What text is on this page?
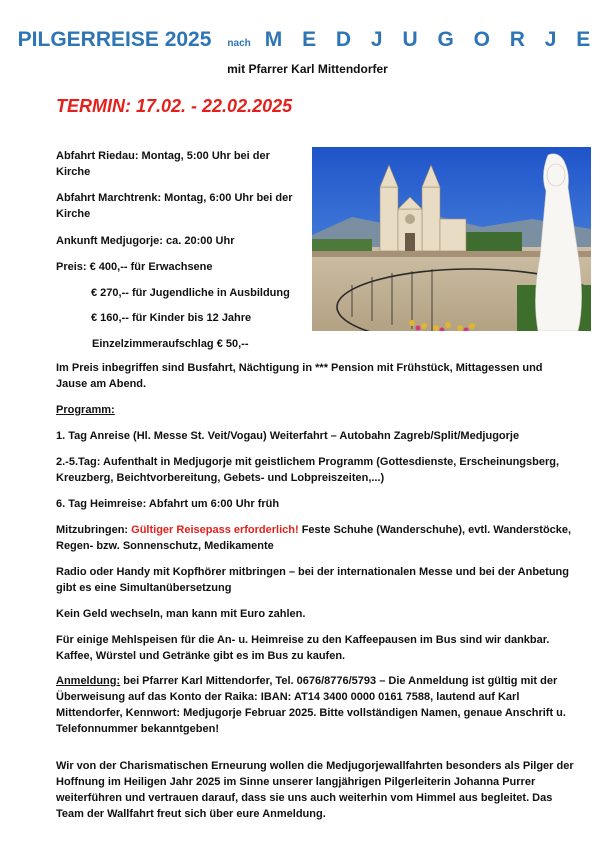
PILGERREISE 2025 nach M E D J U G O R J E
mit Pfarrer Karl Mittendorfer
TERMIN: 17.02. - 22.02.2025
Abfahrt Riedau: Montag, 5:00 Uhr bei der Kirche
Abfahrt Marchtrenk: Montag, 6:00 Uhr bei der Kirche
Ankunft Medjugorje: ca. 20:00 Uhr
Preis: € 400,-- für Erwachsene
€ 270,-- für Jugendliche in Ausbildung
€ 160,-- für Kinder bis 12 Jahre
Einzelzimmeraufschlag € 50,--
Im Preis inbegriffen sind Busfahrt, Nächtigung in *** Pension mit Frühstück, Mittagessen und Jause am Abend.
Programm:
1. Tag Anreise (Hl. Messe St. Veit/Vogau) Weiterfahrt – Autobahn Zagreb/Split/Medjugorje
2.-5.Tag: Aufenthalt in Medjugorje mit geistlichem Programm (Gottesdienste, Erscheinungsberg, Kreuzberg, Beichtvorbereitung, Gebets- und Lobpreiszeiten,...)
6. Tag Heimreise: Abfahrt um 6:00 Uhr früh
Mitzubringen: Gültiger Reisepass erforderlich! Feste Schuhe (Wanderschuhe), evtl. Wanderstöcke, Regen- bzw. Sonnenschutz, Medikamente
Radio oder Handy mit Kopfhörer mitbringen – bei der internationalen Messe und bei der Anbetung gibt es eine Simultanübersetzung
Kein Geld wechseln, man kann mit Euro zahlen.
Für einige Mehlspeisen für die An- u. Heimreise zu den Kaffeepausen im Bus sind wir dankbar. Kaffee, Würstel und Getränke gibt es im Bus zu kaufen.
Anmeldung: bei Pfarrer Karl Mittendorfer, Tel. 0676/8776/5793 – Die Anmeldung ist gültig mit der Überweisung auf das Konto der Raika: IBAN: AT14 3400 0000 0161 7588, lautend auf Karl Mittendorfer, Kennwort: Medjugorje Februar 2025. Bitte vollständigen Namen, genaue Anschrift u. Telefonnummer bekanntgeben!
Wir von der Charismatischen Erneurung wollen die Medjugorjewallfahrten besonders als Pilger der Hoffnung im Heiligen Jahr 2025 im Sinne unserer langjährigen Pilgerleiterin Johanna Purrer weiterführen und vertrauen darauf, dass sie uns auch weiterhin vom Himmel aus begleitet. Das Team der Wallfahrt freut sich über eure Anmeldung.
